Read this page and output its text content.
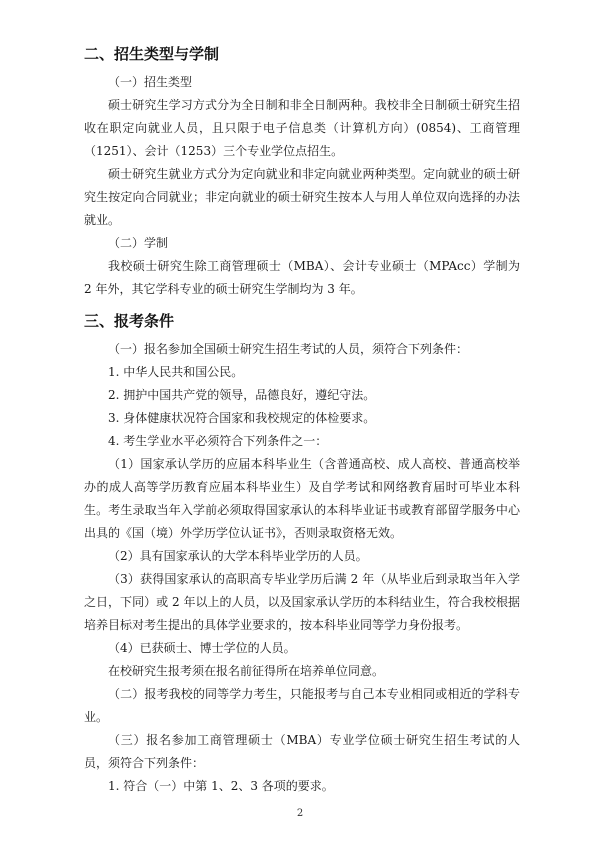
二、招生类型与学制

（一）招生类型

硕士研究生学习方式分为全日制和非全日制两种。我校非全日制硕士研究生招收在职定向就业人员，且只限于电子信息类（计算机方向）(0854)、工商管理（1251）、会计（1253）三个专业学位点招生。

硕士研究生就业方式分为定向就业和非定向就业两种类型。定向就业的硕士研究生按定向合同就业；非定向就业的硕士研究生按本人与用人单位双向选择的办法就业。

（二）学制

我校硕士研究生除工商管理硕士（MBA）、会计专业硕士（MPAcc）学制为 2 年外，其它学科专业的硕士研究生学制均为 3 年。

三、报考条件

（一）报名参加全国硕士研究生招生考试的人员，须符合下列条件：

1. 中华人民共和国公民。

2. 拥护中国共产党的领导，品德良好，遵纪守法。

3. 身体健康状况符合国家和我校规定的体检要求。

4. 考生学业水平必须符合下列条件之一：

（1）国家承认学历的应届本科毕业生（含普通高校、成人高校、普通高校举办的成人高等学历教育应届本科毕业生）及自学考试和网络教育届时可毕业本科生。考生录取当年入学前必须取得国家承认的本科毕业证书或教育部留学服务中心出具的《国（境）外学历学位认证书》，否则录取资格无效。

（2）具有国家承认的大学本科毕业学历的人员。

（3）获得国家承认的高职高专毕业学历后满 2 年（从毕业后到录取当年入学之日，下同）或 2 年以上的人员，以及国家承认学历的本科结业生，符合我校根据培养目标对考生提出的具体学业要求的，按本科毕业同等学力身份报考。

（4）已获硕士、博士学位的人员。

在校研究生报考须在报名前征得所在培养单位同意。

（二）报考我校的同等学力考生，只能报考与自己本专业相同或相近的学科专业。

（三）报名参加工商管理硕士（MBA）专业学位硕士研究生招生考试的人员，须符合下列条件：

1. 符合（一）中第 1、2、3 各项的要求。

2
